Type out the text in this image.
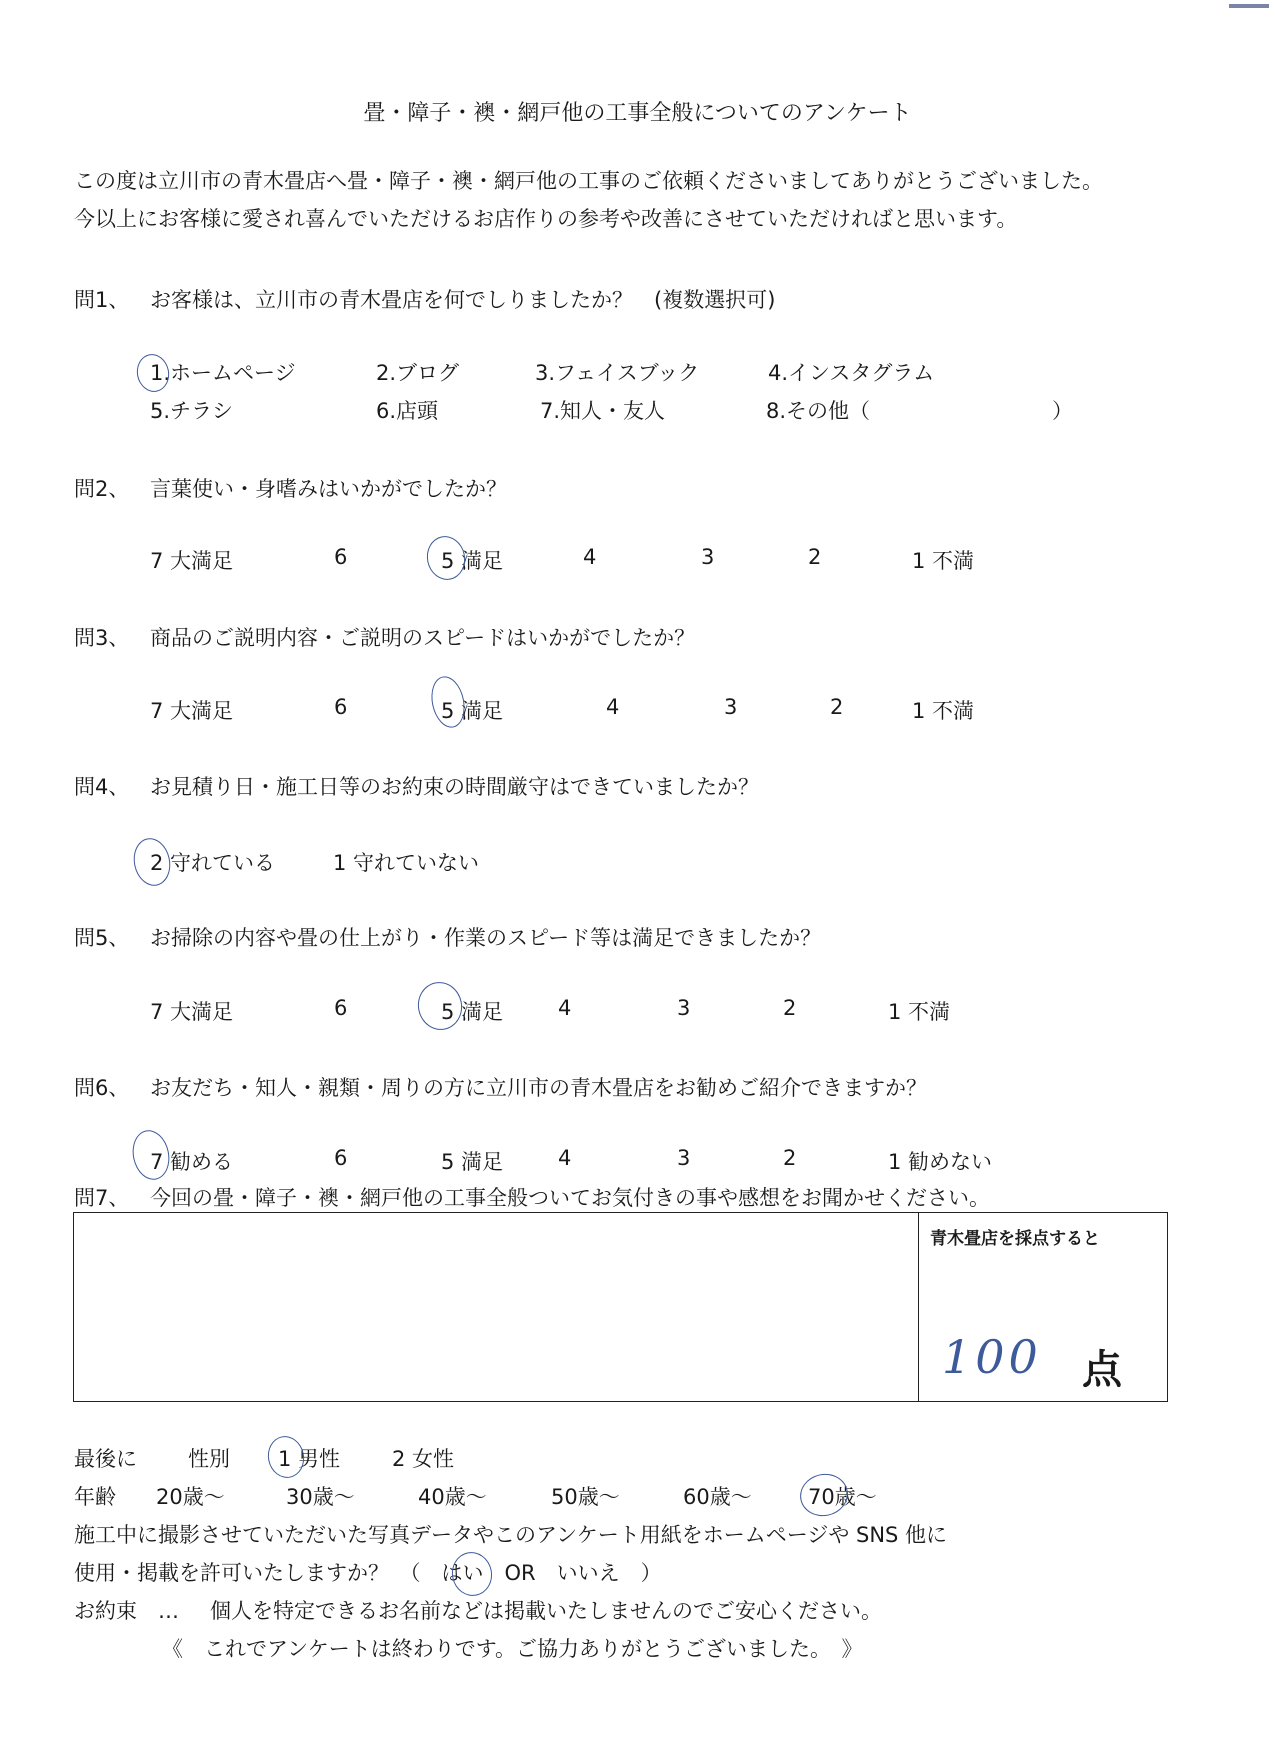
畳・障子・襖・網戸他の工事全般についてのアンケート
この度は立川市の青木畳店へ畳・障子・襖・網戸他の工事のご依頼くださいましてありがとうございました。
今以上にお客様に愛され喜んでいただけるお店作りの参考や改善にさせていただければと思います。
問1、 お客様は、立川市の青木畳店を何でしりましたか？　(複数選択可)
1.ホームページ	2.ブログ	3.フェイスブック	4.インスタグラム
5.チラシ	6.店頭	7.知人・友人	8.その他（	）
問2、 言葉使い・身嗜みはいかがでしたか？
7 大満足	6	5 満足	4	3	2	1 不満
問3、 商品のご説明内容・ご説明のスピードはいかがでしたか？
7 大満足	6	5 満足	4	3	2	1 不満
問4、 お見積り日・施工日等のお約束の時間厳守はできていましたか？
2 守れている	1 守れていない
問5、 お掃除の内容や畳の仕上がり・作業のスピード等は満足できましたか？
7 大満足	6	5 満足	4	3	2	1 不満
問6、 お友だち・知人・親類・周りの方に立川市の青木畳店をお勧めご紹介できますか？
7 勧める	6	5 満足	4	3	2	1 勧めない
問7、 今回の畳・障子・襖・網戸他の工事全般ついてお気付きの事や感想をお聞かせください。
青木畳店を採点すると
100 点
最後に 性別 1 男性 2 女性
年齢 20歳～	30歳～	40歳～	50歳～	60歳～	70歳～
施工中に撮影させていただいた写真データやこのアンケート用紙をホームページや SNS 他に
使用・掲載を許可いたしますか？　（　はい　OR　いいえ　）
お約束　… 個人を特定できるお名前などは掲載いたしませんのでご安心ください。
《　これでアンケートは終わりです。ご協力ありがとうございました。　》
